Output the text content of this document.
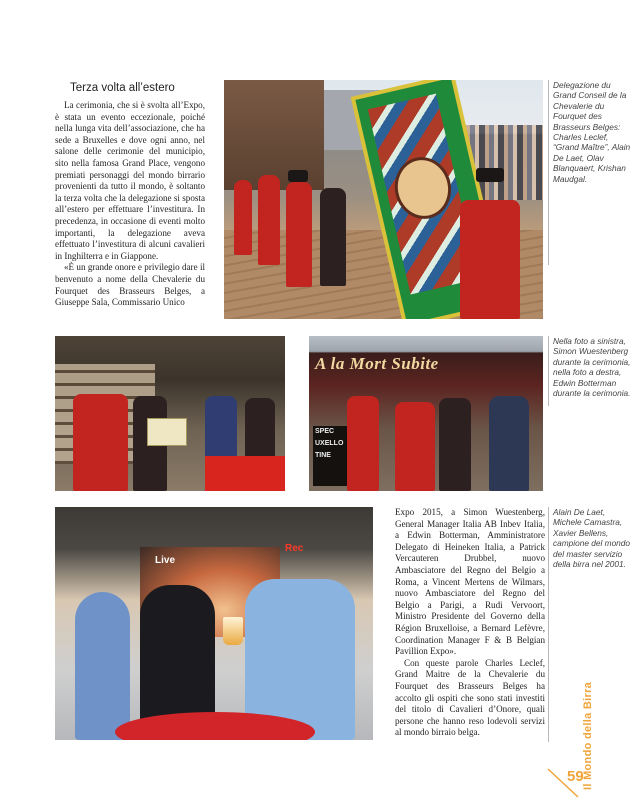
Terza volta all’estero

La cerimonia, che si è svolta all’Expo, è stata un evento eccezionale, poiché nella lunga vita dell’associazione, che ha sede a Bruxelles e dove ogni anno, nel salone delle cerimonie del municipio, sito nella famosa Grand Place, vengono premiati personaggi del mondo birrario provenienti da tutto il mondo, è soltanto la terza volta che la delegazione si sposta all’estero per effettuare l’investitura. In precedenza, in occasione di eventi molto importanti, la delegazione aveva effettuato l’investitura di alcuni cavalieri in Inghilterra e in Giappone.

«È un grande onore e privilegio dare il benvenuto a nome della Chevalerie du Fourquet des Brasseurs Belges, a Giuseppe Sala, Commissario Unico

Delegazione du Grand Conseil de la Chevalerie du Fourquet des Brasseurs Belges: Charles Leclef, “Grand Maître”, Alain De Laet, Olav Blanquaert, Krishan Maudgal.
A la Mort Subite
SPEC
UXELLO
TINE
Nella foto a sinistra, Simon Wuestenberg durante la cerimonia, nella foto a destra, Edwin Botterman durante la cerimonia.
Live
Rec

Expo 2015, a Simon Wuestenberg, General Manager Italia AB Inbev Italia, a Edwin Botterman, Amministratore Delegato di Heineken Italia, a Patrick Vercauteren Drubbel, nuovo Ambasciatore del Regno del Belgio a Roma, a Vincent Mertens de Wilmars, nuovo Ambasciatore del Regno del Belgio a Parigi, a Rudi Vervoort, Ministro Presidente del Governo della Région Bruxelloise, a Bernard Lefèvre, Coordination Manager F & B Belgian Pavillion Expo».

Con queste parole Charles Leclef, Grand Maitre de la Chevalerie du Fourquet des Brasseurs Belges ha accolto gli ospiti che sono stati investiti del titolo di Cavalieri d’Onore, quali persone che hanno reso lodevoli servizi al mondo birraio belga.

Alain De Laet, Michele Camastra, Xavier Bellens, campione del mondo del master servizio della birra nel 2001.
Il Mondo della Birra
59
